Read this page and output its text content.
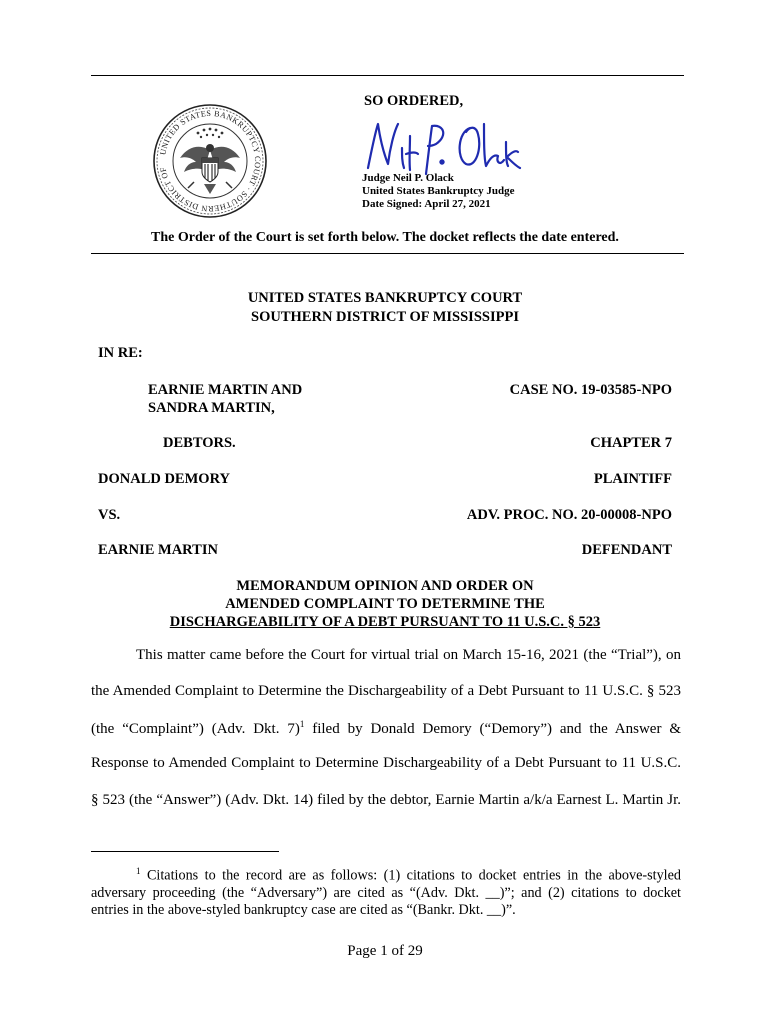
UNITED STATES BANKRUPTCY COURT · SOUTHERN DISTRICT OF
SO ORDERED,
Judge Neil P. Olack
United States Bankruptcy Judge
Date Signed: April 27, 2021
The Order of the Court is set forth below. The docket reflects the date entered.
UNITED STATES BANKRUPTCY COURT
SOUTHERN DISTRICT OF MISSISSIPPI
IN RE:
EARNIE MARTIN AND
SANDRA MARTIN,
CASE NO. 19-03585-NPO
DEBTORS.	CHAPTER 7
DONALD DEMORY	PLAINTIFF
VS.	ADV. PROC. NO. 20-00008-NPO
EARNIE MARTIN	DEFENDANT
MEMORANDUM OPINION AND ORDER ON
AMENDED COMPLAINT TO DETERMINE THE
DISCHARGEABILITY OF A DEBT PURSUANT TO 11 U.S.C. § 523
This matter came before the Court for virtual trial on March 15-16, 2021 (the “Trial”), on
the Amended Complaint to Determine the Dischargeability of a Debt Pursuant to 11 U.S.C. § 523
(the “Complaint”) (Adv. Dkt. 7)$^1$ filed by Donald Demory (“Demory”) and the Answer &
Response to Amended Complaint to Determine Dischargeability of a Debt Pursuant to 11 U.S.C.
§ 523 (the “Answer”) (Adv. Dkt. 14) filed by the debtor, Earnie Martin a/k/a Earnest L. Martin Jr.
$^1$ Citations to the record are as follows: (1) citations to docket entries in the above-styled adversary proceeding (the “Adversary”) are cited as “(Adv. Dkt. __)”; and (2) citations to docket entries in the above-styled bankruptcy case are cited as “(Bankr. Dkt. __)”.
Page 1 of 29
